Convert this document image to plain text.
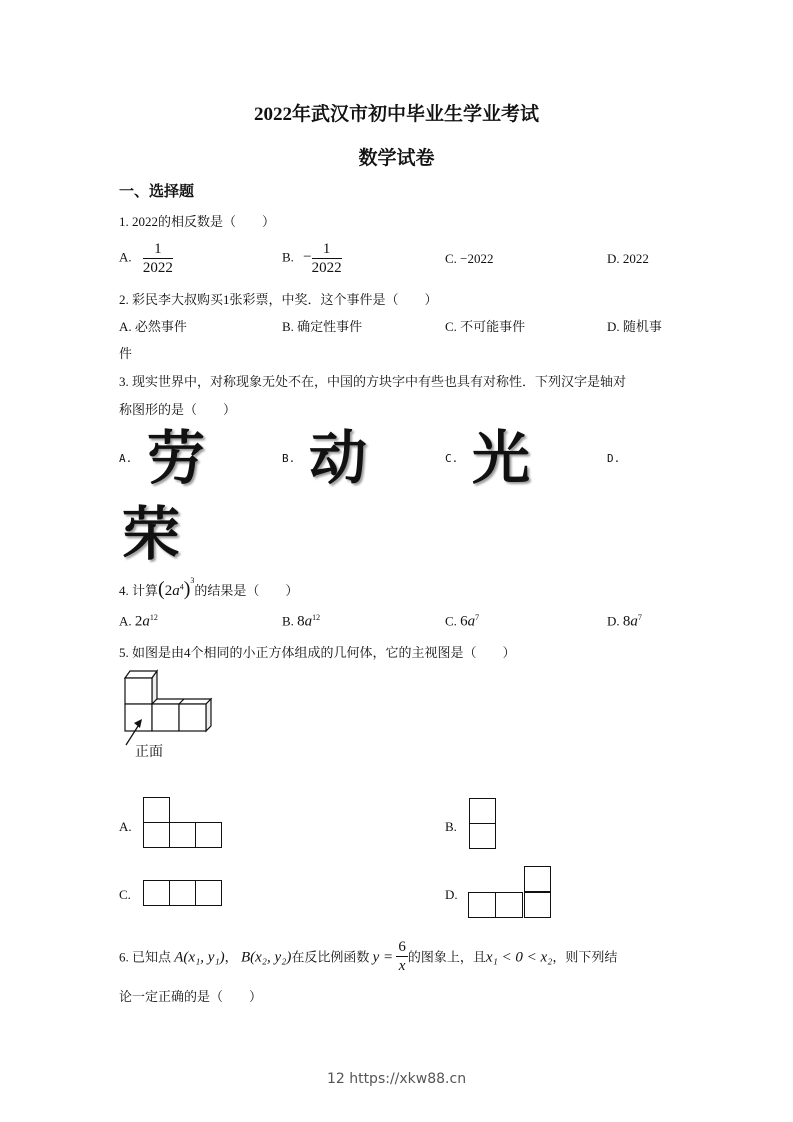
2022年武汉市初中毕业生学业考试
数学试卷
一、选择题
1. 2022的相反数是（　　）
A. $\frac{1}{2022}$	B. − $\frac{1}{2022}$	C. −2022	D. 2022
2. 彩民李大叔购买1张彩票，中奖．这个事件是（　　）
A. 必然事件	B. 确定性事件	C. 不可能事件	D. 随机事
件
3. 现实世界中，对称现象无处不在，中国的方块字中有些也具有对称性．下列汉字是轴对
称图形的是（　　）
A. 劳	B. 动	C. 光	D.
荣
4. 计算$(2a^4)^3$的结果是（　　）
A. $2a^{12}$	B. $8a^{12}$	C. $6a^7$	D. $8a^7$
5. 如图是由4个相同的小正方体组成的几何体，它的主视图是（　　）
正面
A.	B.
C.	D.
6. 已知点 A(x₁, y₁)， B(x₂, y₂)在反比例函数 $y = \frac{6}{x}$ 的图象上，且x₁ < 0 < x₂，则下列结
论一定正确的是（　　）
12 https://xkw88.cn
